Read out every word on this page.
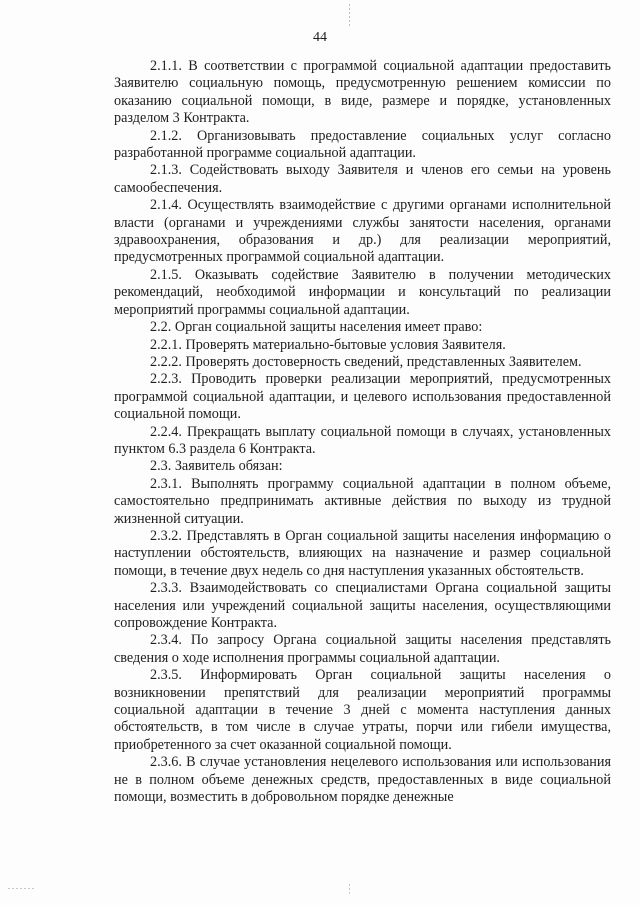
44

2.1.1. В соответствии с программой социальной адаптации предоставить Заявителю социальную помощь, предусмотренную решением комиссии по оказанию социальной помощи, в виде, размере и порядке, установленных разделом 3 Контракта.

2.1.2. Организовывать предоставление социальных услуг согласно разработанной программе социальной адаптации.

2.1.3. Содействовать выходу Заявителя и членов его семьи на уровень самообеспечения.

2.1.4. Осуществлять взаимодействие с другими органами исполнительной власти (органами и учреждениями службы занятости населения, органами здравоохранения, образования и др.) для реализации мероприятий, предусмотренных программой социальной адаптации.

2.1.5. Оказывать содействие Заявителю в получении методических рекомендаций, необходимой информации и консультаций по реализации мероприятий программы социальной адаптации.

2.2. Орган социальной защиты населения имеет право:

2.2.1. Проверять материально-бытовые условия Заявителя.

2.2.2. Проверять достоверность сведений, представленных Заявителем.

2.2.3. Проводить проверки реализации мероприятий, предусмотренных программой социальной адаптации, и целевого использования предоставленной социальной помощи.

2.2.4. Прекращать выплату социальной помощи в случаях, установленных пунктом 6.3 раздела 6 Контракта.

2.3. Заявитель обязан:

2.3.1. Выполнять программу социальной адаптации в полном объеме, самостоятельно предпринимать активные действия по выходу из трудной жизненной ситуации.

2.3.2. Представлять в Орган социальной защиты населения информацию о наступлении обстоятельств, влияющих на назначение и размер социальной помощи, в течение двух недель со дня наступления указанных обстоятельств.

2.3.3. Взаимодействовать со специалистами Органа социальной защиты населения или учреждений социальной защиты населения, осуществляющими сопровождение Контракта.

2.3.4. По запросу Органа социальной защиты населения представлять сведения о ходе исполнения программы социальной адаптации.

2.3.5. Информировать Орган социальной защиты населения о возникновении препятствий для реализации мероприятий программы социальной адаптации в течение 3 дней с момента наступления данных обстоятельств, в том числе в случае утраты, порчи или гибели имущества, приобретенного за счет оказанной социальной помощи.

2.3.6. В случае установления нецелевого использования или использования не в полном объеме денежных средств, предоставленных в виде социальной помощи, возместить в добровольном порядке денежные
